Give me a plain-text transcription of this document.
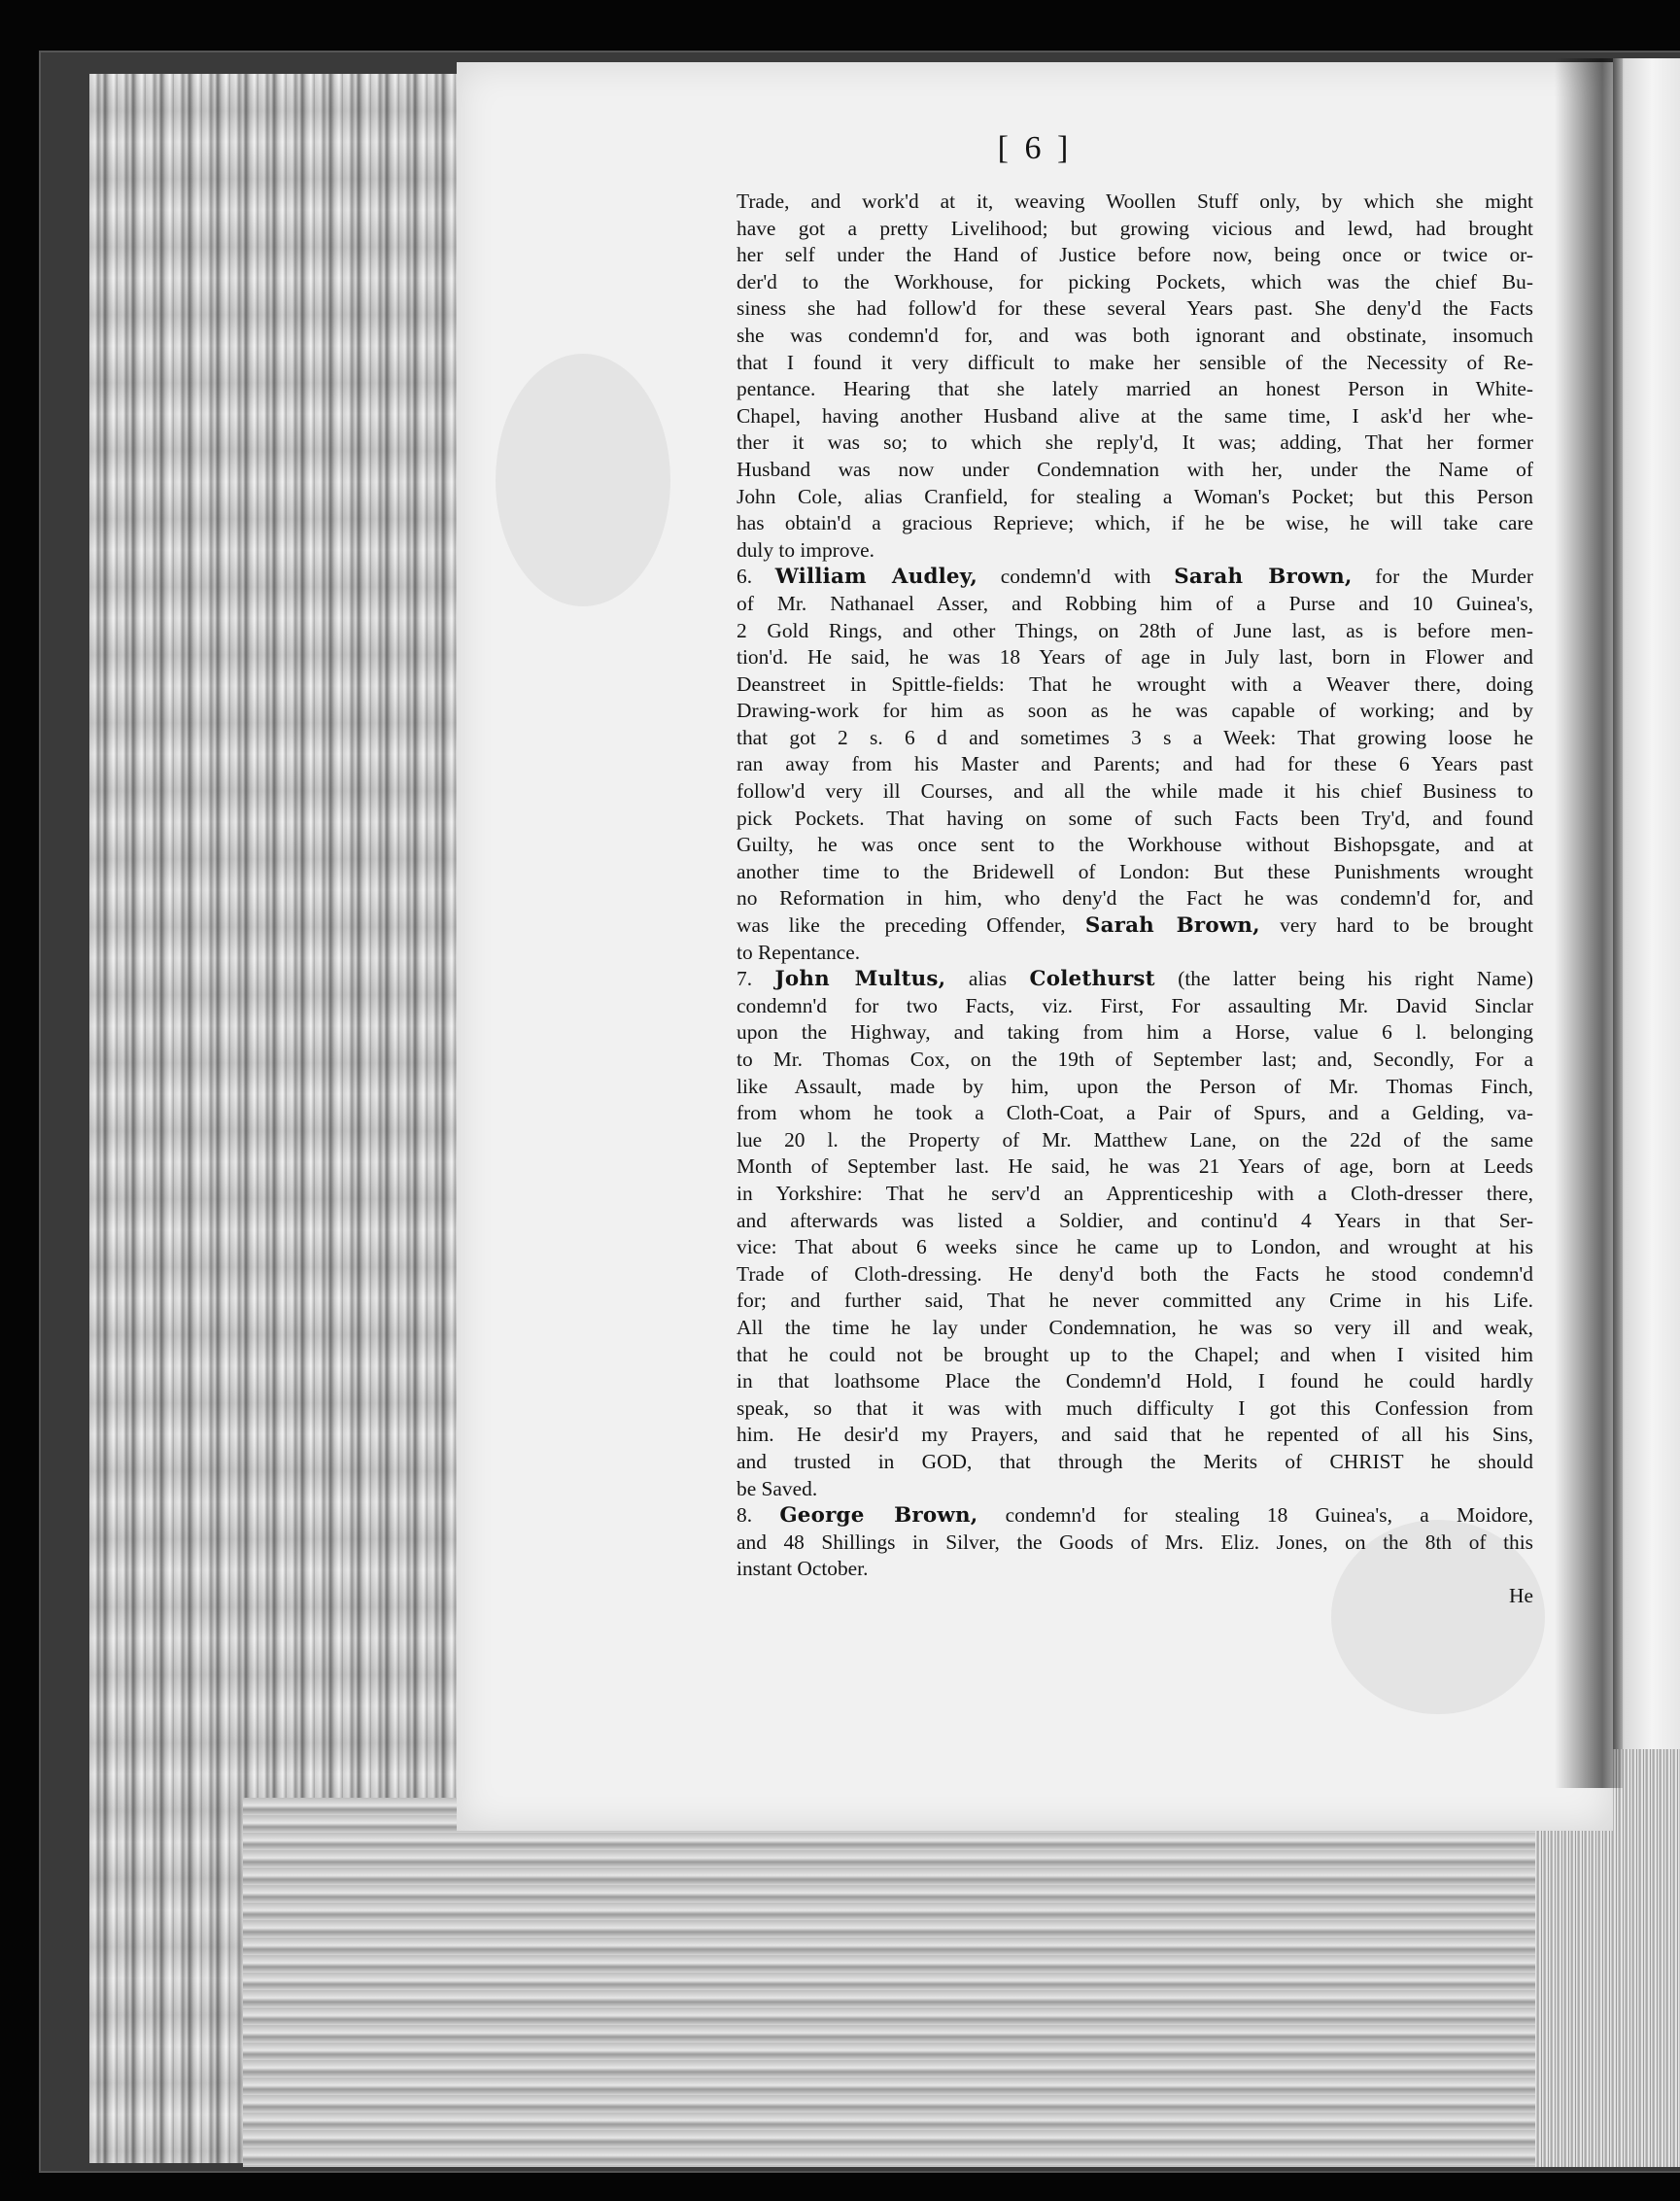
[ 6 ]
Trade, and work'd at it, weaving Woollen Stuff only, by which she might
have got a pretty Livelihood; but growing vicious and lewd, had brought
her self under the Hand of Justice before now, being once or twice or-
der'd to the Workhouse, for picking Pockets, which was the chief Bu-
siness she had follow'd for these several Years past. She deny'd the Facts
she was condemn'd for, and was both ignorant and obstinate, insomuch
that I found it very difficult to make her sensible of the Necessity of Re-
pentance. Hearing that she lately married an honest Person in White-
Chapel, having another Husband alive at the same time, I ask'd her whe-
ther it was so; to which she reply'd, It was; adding, That her former
Husband was now under Condemnation with her, under the Name of
John Cole, alias Cranfield, for stealing a Woman's Pocket; but this Person
has obtain'd a gracious Reprieve; which, if he be wise, he will take care
duly to improve.
6. William Audley, condemn'd with Sarah Brown, for the Murder
of Mr. Nathanael Asser, and Robbing him of a Purse and 10 Guinea's,
2 Gold Rings, and other Things, on 28th of June last, as is before men-
tion'd. He said, he was 18 Years of age in July last, born in Flower and
Deanstreet in Spittle-fields: That he wrought with a Weaver there, doing
Drawing-work for him as soon as he was capable of working; and by
that got 2 s. 6 d and sometimes 3 s a Week: That growing loose he
ran away from his Master and Parents; and had for these 6 Years past
follow'd very ill Courses, and all the while made it his chief Business to
pick Pockets. That having on some of such Facts been Try'd, and found
Guilty, he was once sent to the Workhouse without Bishopsgate, and at
another time to the Bridewell of London: But these Punishments wrought
no Reformation in him, who deny'd the Fact he was condemn'd for, and
was like the preceding Offender, Sarah Brown, very hard to be brought
to Repentance.
7. John Multus, alias Colethurst (the latter being his right Name)
condemn'd for two Facts, viz. First, For assaulting Mr. David Sinclar
upon the Highway, and taking from him a Horse, value 6 l. belonging
to Mr. Thomas Cox, on the 19th of September last; and, Secondly, For a
like Assault, made by him, upon the Person of Mr. Thomas Finch,
from whom he took a Cloth-Coat, a Pair of Spurs, and a Gelding, va-
lue 20 l. the Property of Mr. Matthew Lane, on the 22d of the same
Month of September last. He said, he was 21 Years of age, born at Leeds
in Yorkshire: That he serv'd an Apprenticeship with a Cloth-dresser there,
and afterwards was listed a Soldier, and continu'd 4 Years in that Ser-
vice: That about 6 weeks since he came up to London, and wrought at his
Trade of Cloth-dressing. He deny'd both the Facts he stood condemn'd
for; and further said, That he never committed any Crime in his Life.
All the time he lay under Condemnation, he was so very ill and weak,
that he could not be brought up to the Chapel; and when I visited him
in that loathsome Place the Condemn'd Hold, I found he could hardly
speak, so that it was with much difficulty I got this Confession from
him. He desir'd my Prayers, and said that he repented of all his Sins,
and trusted in GOD, that through the Merits of CHRIST he should
be Saved.
8. George Brown, condemn'd for stealing 18 Guinea's, a Moidore,
and 48 Shillings in Silver, the Goods of Mrs. Eliz. Jones, on the 8th of this
instant October.
He
